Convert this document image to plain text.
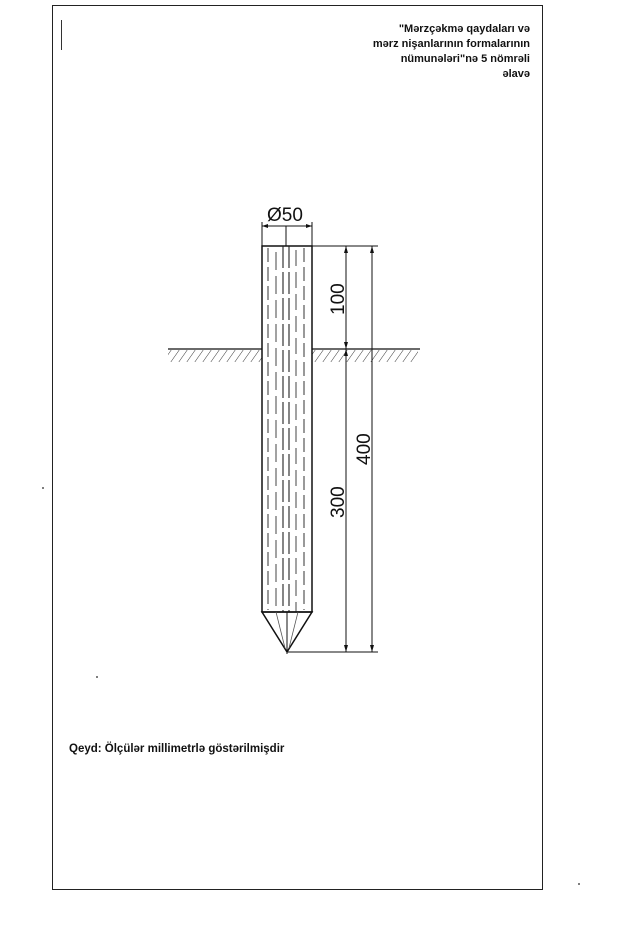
"Mərzçəkmə qaydaları və
mərz nişanlarının formalarının
nümunələri"nə 5 nömrəli
əlavə
Ø50
100
300
400
Qeyd: Ölçülər millimetrlə göstərilmişdir
